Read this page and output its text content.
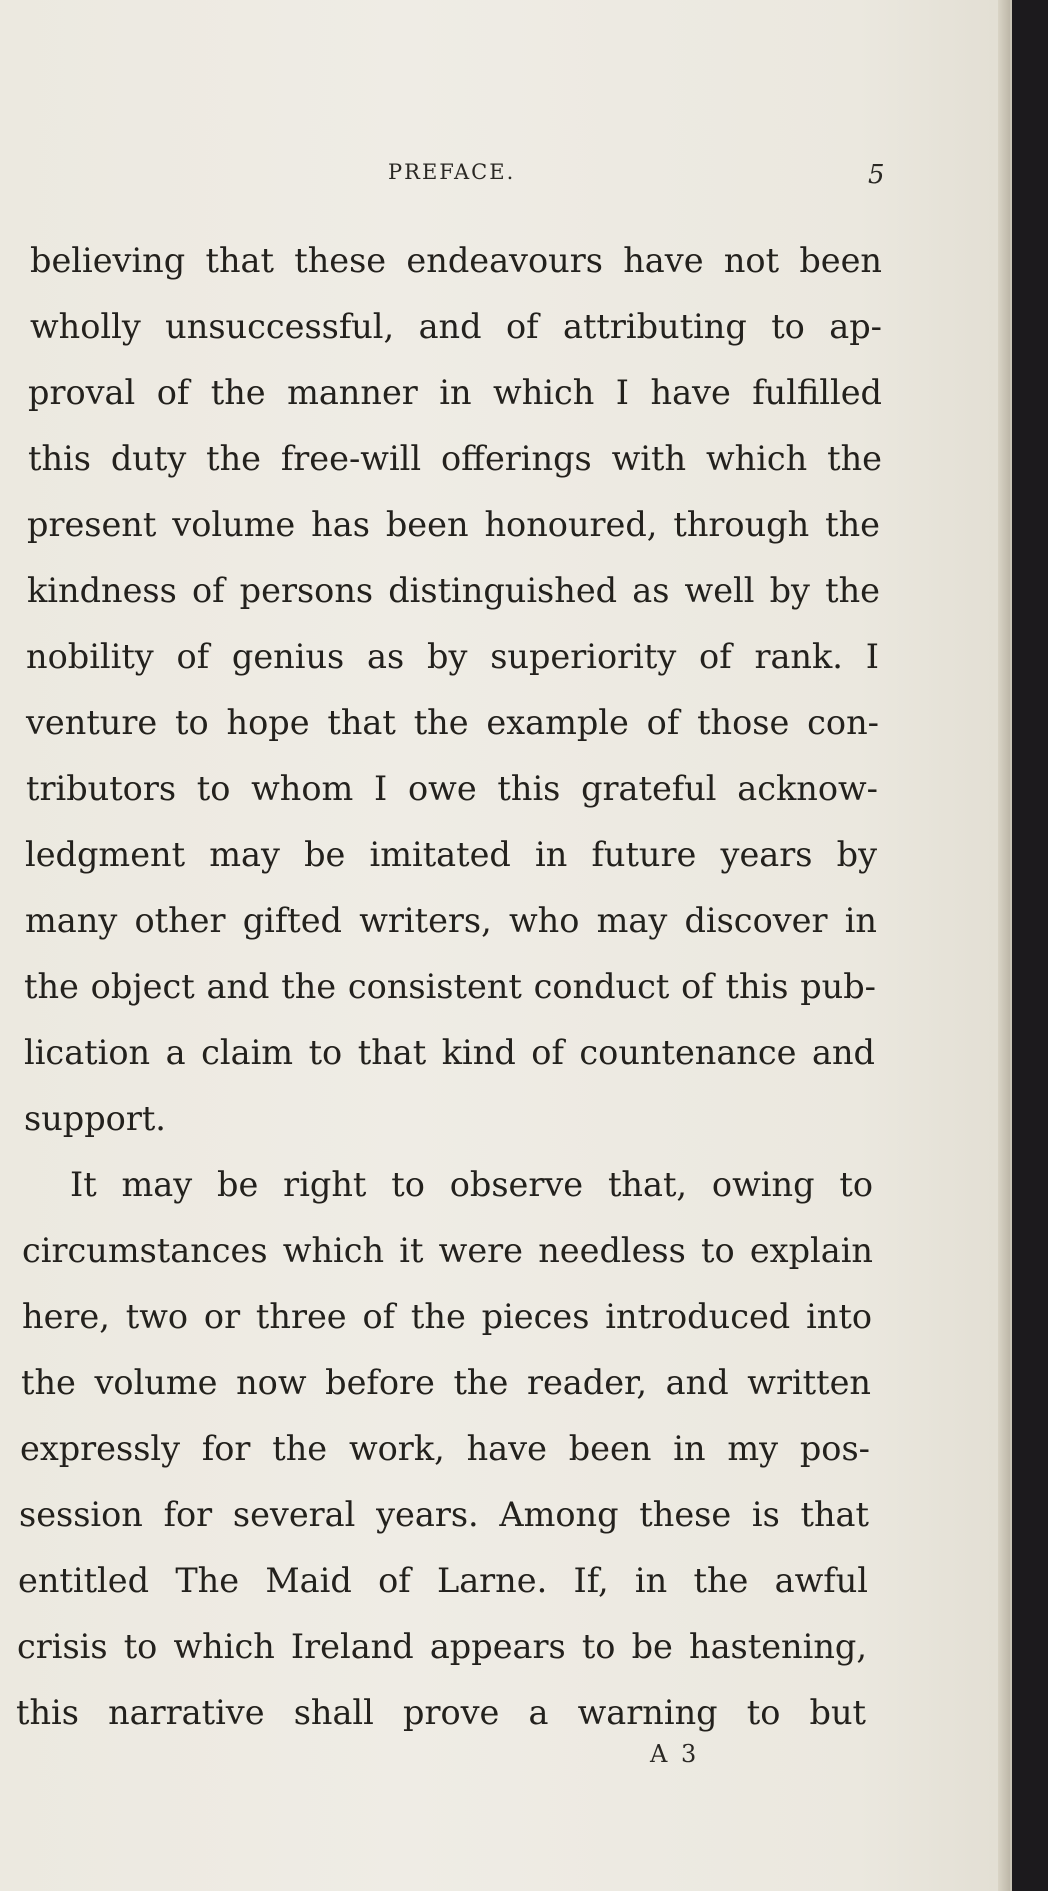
PREFACE.	5
believing that these endeavours have not been
wholly unsuccessful, and of attributing to ap-
proval of the manner in which I have fulfilled
this duty the free-will offerings with which the
present volume has been honoured, through the
kindness of persons distinguished as well by the
nobility of genius as by superiority of rank. I
venture to hope that the example of those con-
tributors to whom I owe this grateful acknow-
ledgment may be imitated in future years by
many other gifted writers, who may discover in
the object and the consistent conduct of this pub-
lication a claim to that kind of countenance and
support.
It may be right to observe that, owing to
circumstances which it were needless to explain
here, two or three of the pieces introduced into
the volume now before the reader, and written
expressly for the work, have been in my pos-
session for several years. Among these is that
entitled The Maid of Larne. If, in the awful
crisis to which Ireland appears to be hastening,
this narrative shall prove a warning to but
A 3
